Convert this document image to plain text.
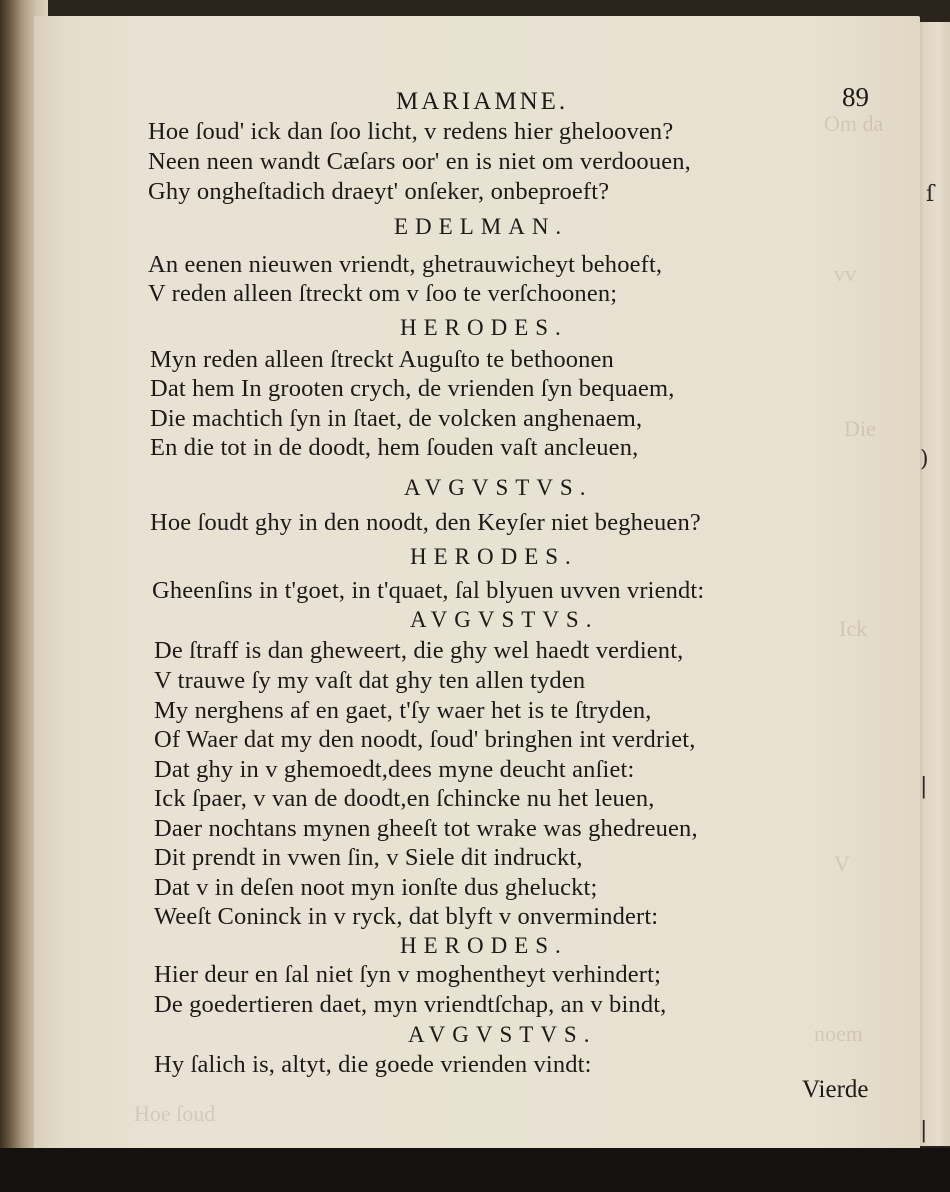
ſ
)
|
|
Om da
vv
Die
Ick
V
noem
Hoe ſoud
MARIAMNE.	89
Hoe ſoud' ick dan ſoo licht, v redens hier ghelooven?
Neen neen wandt Cæſars oor' en is niet om verdoouen,
Ghy ongheſtadich draeyt' onſeker, onbeproeft?
EDELMAN.
An eenen nieuwen vriendt, ghetrauwicheyt behoeft,
V reden alleen ſtreckt om v ſoo te verſchoonen;
HERODES.
Myn reden alleen ſtreckt Auguſto te bethoonen
Dat hem In grooten crych, de vrienden ſyn bequaem,
Die machtich ſyn in ſtaet, de volcken anghenaem,
En die tot in de doodt, hem ſouden vaſt ancleuen,
AVGVSTVS.
Hoe ſoudt ghy in den noodt, den Keyſer niet begheuen?
HERODES.
Gheenſins in t'goet, in t'quaet, ſal blyuen uvven vriendt:
AVGVSTVS.
De ſtraff is dan gheweert, die ghy wel haedt verdient,
V trauwe ſy my vaſt dat ghy ten allen tyden
My nerghens af en gaet, t'ſy waer het is te ſtryden,
Of Waer dat my den noodt, ſoud' bringhen int verdriet,
Dat ghy in v ghemoedt,dees myne deucht anſiet:
Ick ſpaer, v van de doodt,en ſchincke nu het leuen,
Daer nochtans mynen gheeſt tot wrake was ghedreuen,
Dit prendt in vwen ſin, v Siele dit indruckt,
Dat v in deſen noot myn ionſte dus gheluckt;
Weeſt Coninck in v ryck, dat blyft v onvermindert:
HERODES.
Hier deur en ſal niet ſyn v moghentheyt verhindert;
De goedertieren daet, myn vriendtſchap, an v bindt,
AVGVSTVS.
Hy ſalich is, altyt, die goede vrienden vindt:
Vierde
